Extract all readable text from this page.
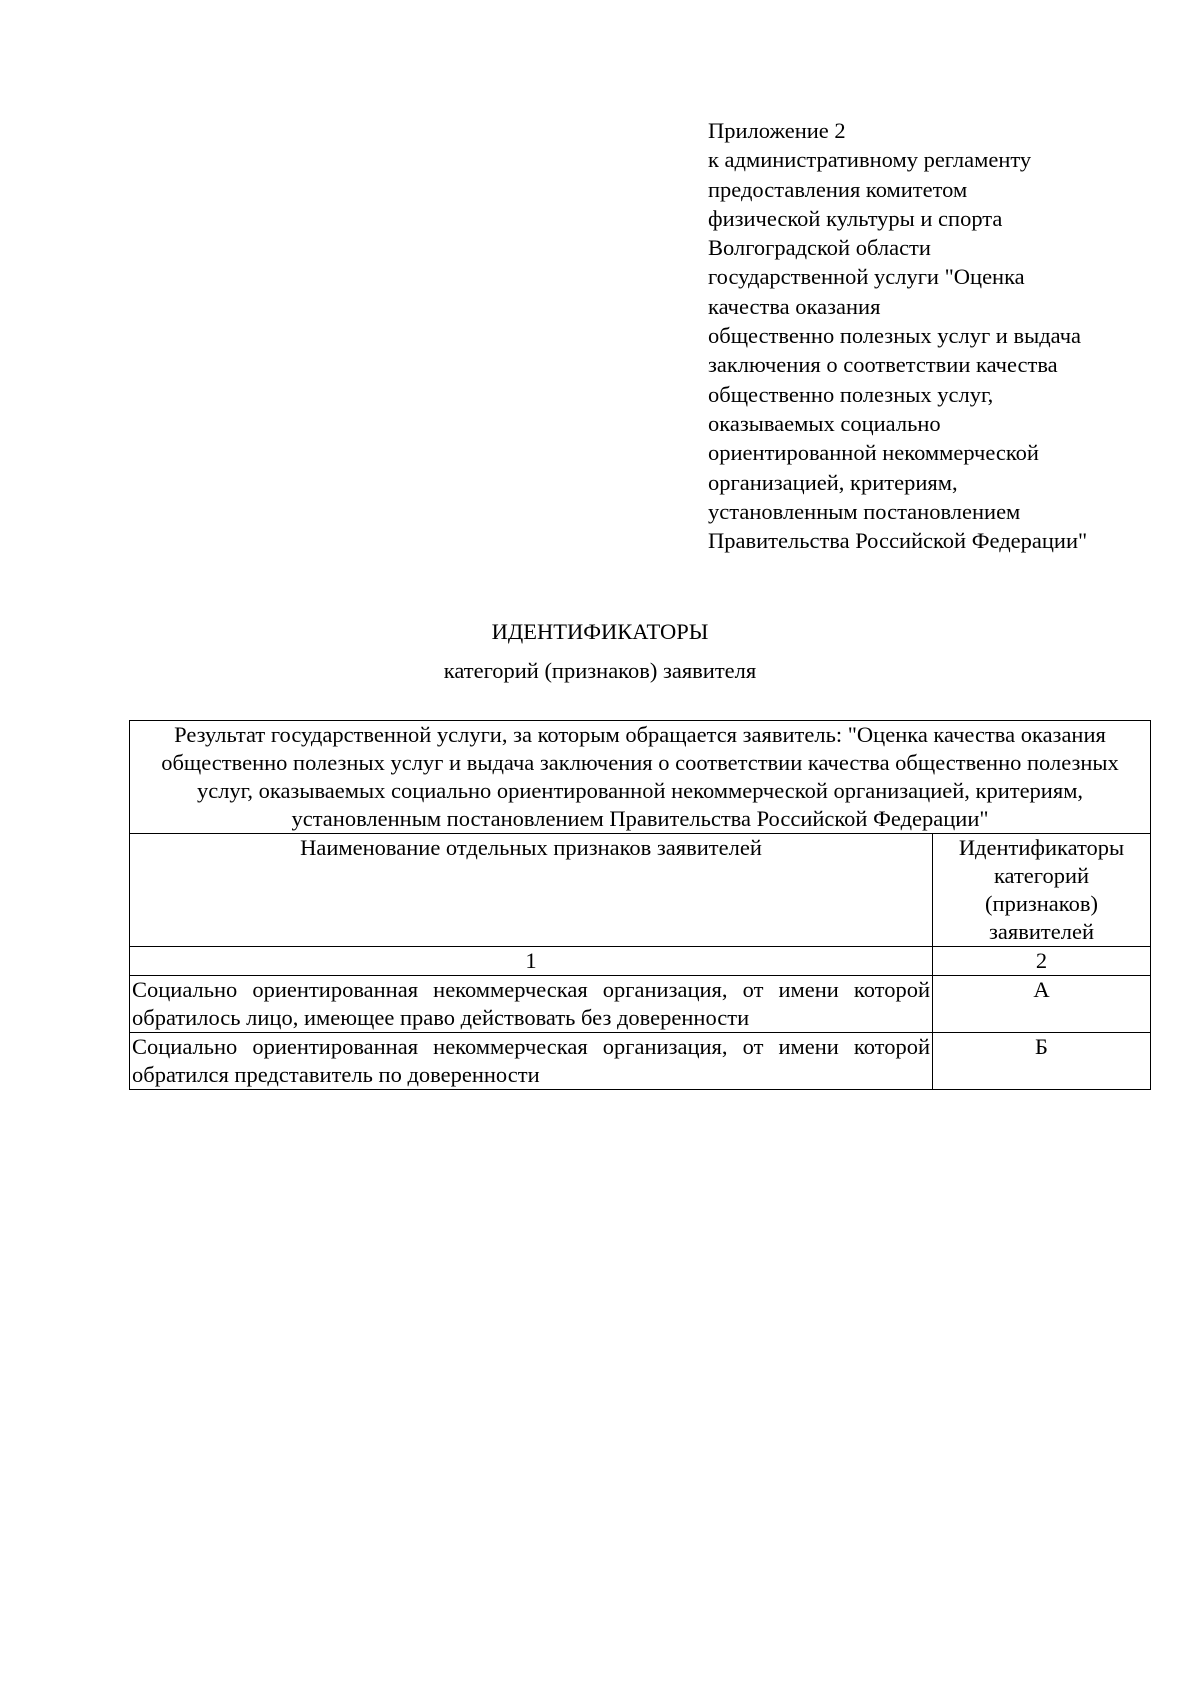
Приложение 2
к административному регламенту
предоставления комитетом
физической культуры и спорта
Волгоградской области
государственной услуги "Оценка
качества оказания
общественно полезных услуг и выдача
заключения о соответствии качества
общественно полезных услуг,
оказываемых социально
ориентированной некоммерческой
организацией, критериям,
установленным постановлением
Правительства Российской Федерации"
ИДЕНТИФИКАТОРЫ
категорий (признаков) заявителя
Результат государственной услуги, за которым обращается заявитель: "Оценка качества оказания общественно полезных услуг и выдача заключения о соответствии качества общественно полезных услуг, оказываемых социально ориентированной некоммерческой организацией, критериям, установленным постановлением Правительства Российской Федерации"	
Наименование отдельных признаков заявителей	Идентификаторы категорий (признаков) заявителей
1	2
Социально ориентированная некоммерческая организация, от имени которой обратилось лицо, имеющее право действовать без доверенности	А
Социально ориентированная некоммерческая организация, от имени которой обратился представитель по доверенности	Б
